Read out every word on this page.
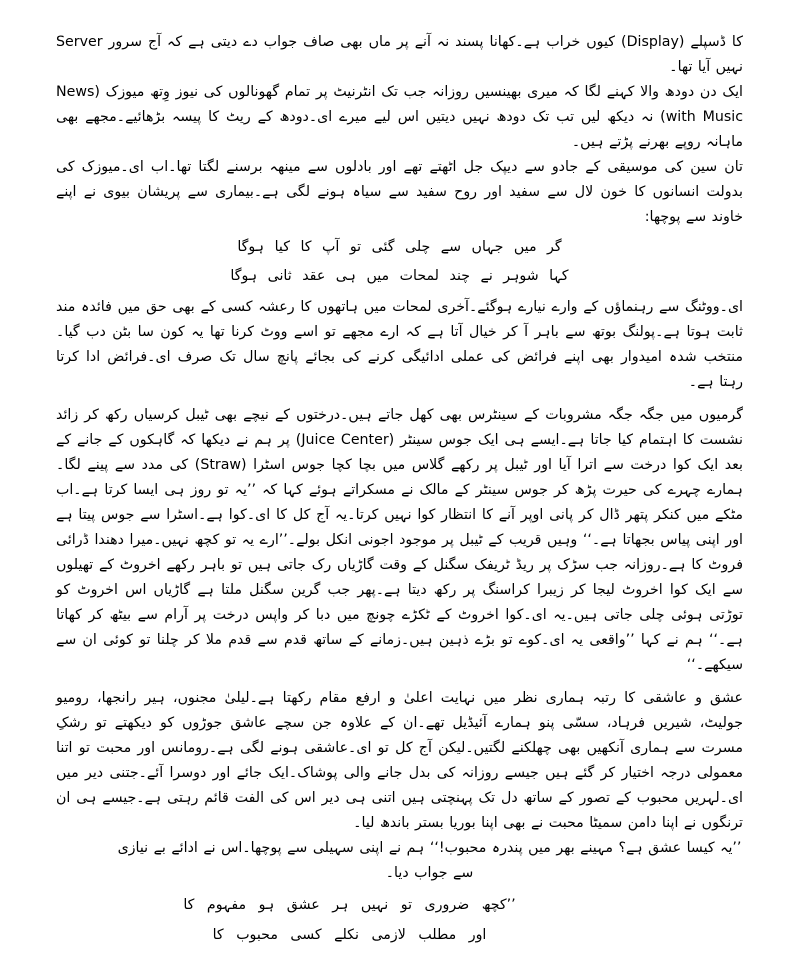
کا ڈسپلے (Display) کیوں خراب ہے۔کھانا پسند نہ آنے پر ماں بھی صاف جواب دے دیتی ہے کہ آج سرور Server نہیں آیا تھا۔

ایک دن دودھ والا کہنے لگا کہ میری بھینسیں روزانہ جب تک انٹرنیٹ پر تمام گھونالوں کی نیوز وِتھ میوزک (News with Music) نہ دیکھ لیں تب تک دودھ نہیں دیتیں اس لیے میرے ای۔دودھ کے ریٹ کا پیسہ بڑھائیے۔مجھے بھی ماہانہ روپے بھرنے پڑتے ہیں۔

تان سین کی موسیقی کے جادو سے دیپک جل اٹھتے تھے اور بادلوں سے مینھہ برسنے لگتا تھا۔اب ای۔میوزک کی بدولت انسانوں کا خون لال سے سفید اور روح سفید سے سیاہ ہونے لگی ہے۔بیماری سے پریشان بیوی نے اپنے خاوند سے پوچھا:

گر میں جہاں سے چلی گئی تو آپ کا کیا ہوگا

کہا شوہر نے چند لمحات میں ہی عقد ثانی ہوگا

ای۔ووٹنگ سے رہنماؤں کے وارے نیارے ہوگئے۔آخری لمحات میں ہاتھوں کا رعشہ کسی کے بھی حق میں فائدہ مند ثابت ہوتا ہے۔پولنگ بوتھ سے باہر آ کر خیال آتا ہے کہ ارے مجھے تو اسے ووٹ کرنا تھا یہ کون سا بٹن دب گیا۔منتخب شدہ امیدوار بھی اپنے فرائض کی عملی ادائیگی کرنے کی بجائے پانچ سال تک صرف ای۔فرائض ادا کرتا رہتا ہے۔

گرمیوں میں جگہ جگہ مشروبات کے سینٹرس بھی کھل جاتے ہیں۔درختوں کے نیچے بھی ٹیبل کرسیاں رکھ کر زائد نشست کا اہتمام کیا جاتا ہے۔ایسے ہی ایک جوس سینٹر (Juice Center) پر ہم نے دیکھا کہ گاہکوں کے جانے کے بعد ایک کوا درخت سے اترا آیا اور ٹیبل پر رکھے گلاس میں بچا کچا جوس اسٹرا (Straw) کی مدد سے پینے لگا۔ہمارے چہرے کی حیرت پڑھ کر جوس سینٹر کے مالک نے مسکراتے ہوئے کہا کہ ’’یہ تو روز ہی ایسا کرتا ہے۔اب مٹکے میں کنکر پتھر ڈال کر پانی اوپر آنے کا انتظار کوا نہیں کرتا۔یہ آج کل کا ای۔کوا ہے۔اسٹرا سے جوس پیتا ہے اور اپنی پیاس بجھاتا ہے۔‘‘ وہیں قریب کے ٹیبل پر موجود اجونی انکل بولے۔’’ارے یہ تو کچھ نہیں۔میرا دھندا ڈرائی فروٹ کا ہے۔روزانہ جب سڑک پر ریڈ ٹریفک سگنل کے وقت گاڑیاں رک جاتی ہیں تو باہر رکھے اخروٹ کے تھیلوں سے ایک کوا اخروٹ لیجا کر زیبرا کراسنگ پر رکھ دیتا ہے۔پھر جب گرین سگنل ملتا ہے گاڑیاں اس اخروٹ کو توڑتی ہوئی چلی جاتی ہیں۔یہ ای۔کوا اخروٹ کے ٹکڑے چونچ میں دبا کر واپس درخت پر آرام سے بیٹھ کر کھاتا ہے۔‘‘ ہم نے کہا ’’واقعی یہ ای۔کوے تو بڑے ذہین ہیں۔زمانے کے ساتھ قدم سے قدم ملا کر چلنا تو کوئی ان سے سیکھے۔‘‘

عشق و عاشقی کا رتبہ ہماری نظر میں نہایت اعلیٰ و ارفع مقام رکھتا ہے۔لیلیٰ مجنوں، ہیر رانجھا، رومیو جولیٹ، شیریں فرہاد، سسّی پنو ہمارے آئیڈیل تھے۔ان کے علاوہ جن سچے عاشق جوڑوں کو دیکھتے تو رشکِ مسرت سے ہماری آنکھیں بھی چھلکنے لگتیں۔لیکن آج کل تو ای۔عاشقی ہونے لگی ہے۔رومانس اور محبت تو اتنا معمولی درجہ اختیار کر گئے ہیں جیسے روزانہ کی بدل جانے والی پوشاک۔ایک جائے اور دوسرا آئے۔جتنی دیر میں ای۔لہریں محبوب کے تصور کے ساتھ دل تک پہنچتی ہیں اتنی ہی دیر اس کی الفت قائم رہتی ہے۔جیسے ہی ان ترنگوں نے اپنا دامن سمیٹا محبت نے بھی اپنا بوریا بستر باندھ لیا۔

’’یہ کیسا عشق ہے؟ مہینے بھر میں پندرہ محبوب!‘‘ ہم نے اپنی سہیلی سے پوچھا۔اس نے ادائے بے نیازی سے جواب دیا۔

’’کچھ ضروری تو نہیں ہر عشق ہو مفہوم کا

اور مطلب لازمی نکلے کسی محبوب کا
